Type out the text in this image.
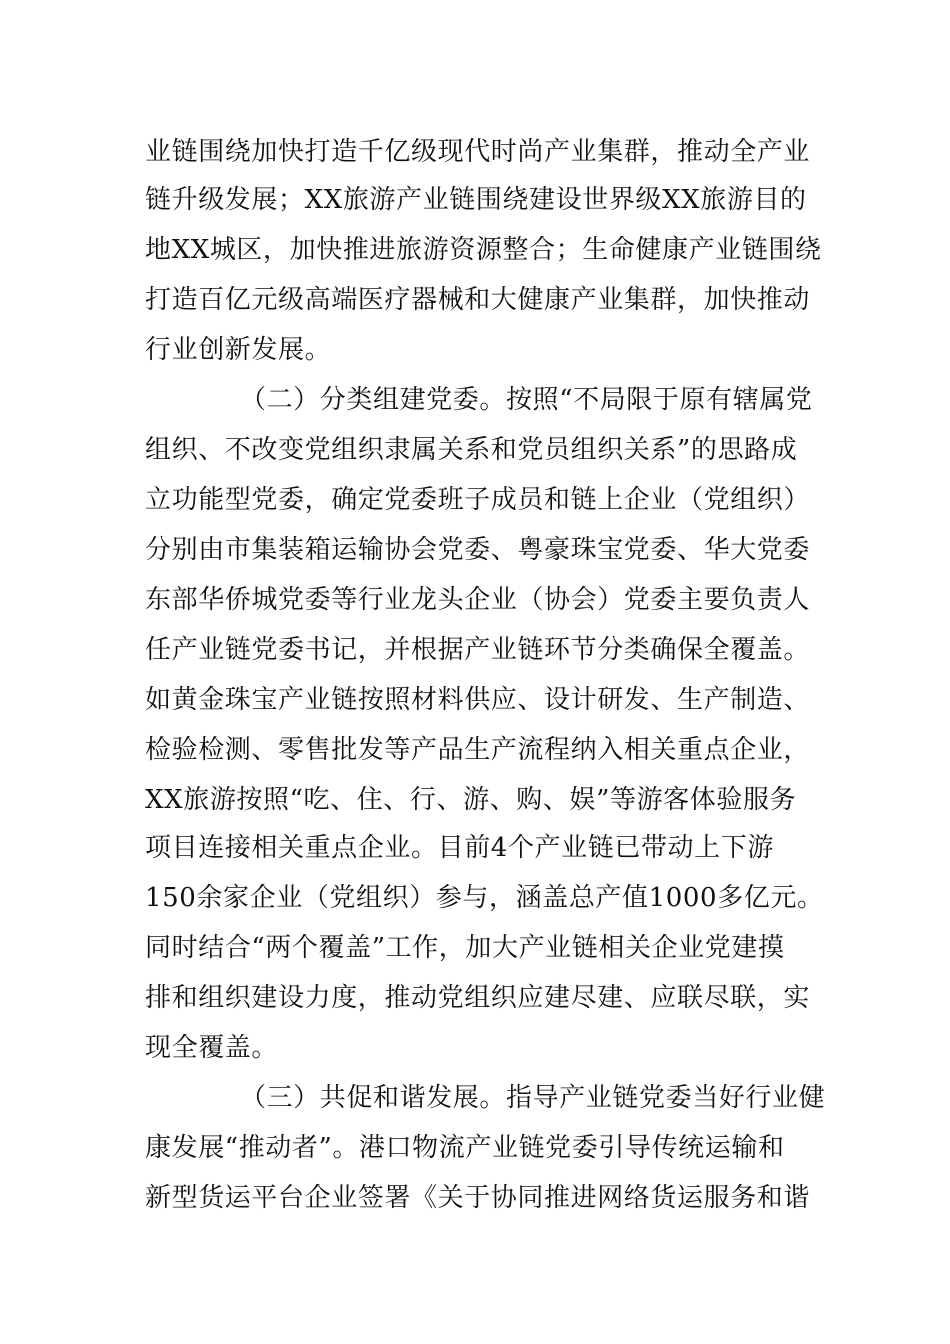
业链围绕加快打造千亿级现代时尚产业集群，推动全产业
链升级发展；XX旅游产业链围绕建设世界级XX旅游目的
地XX城区，加快推进旅游资源整合；生命健康产业链围绕
打造百亿元级高端医疗器械和大健康产业集群，加快推动
行业创新发展。
（二）分类组建党委。按照“不局限于原有辖属党
组织、不改变党组织隶属关系和党员组织关系”的思路成
立功能型党委，确定党委班子成员和链上企业（党组织）
分别由市集装箱运输协会党委、粤豪珠宝党委、华大党委
东部华侨城党委等行业龙头企业（协会）党委主要负责人
任产业链党委书记，并根据产业链环节分类确保全覆盖。
如黄金珠宝产业链按照材料供应、设计研发、生产制造、
检验检测、零售批发等产品生产流程纳入相关重点企业，
XX旅游按照“吃、住、行、游、购、娱”等游客体验服务
项目连接相关重点企业。目前4个产业链已带动上下游
150余家企业（党组织）参与，涵盖总产值1000多亿元。
同时结合“两个覆盖”工作，加大产业链相关企业党建摸
排和组织建设力度，推动党组织应建尽建、应联尽联，实
现全覆盖。
（三）共促和谐发展。指导产业链党委当好行业健
康发展“推动者”。港口物流产业链党委引导传统运输和
新型货运平台企业签署《关于协同推进网络货运服务和谐
